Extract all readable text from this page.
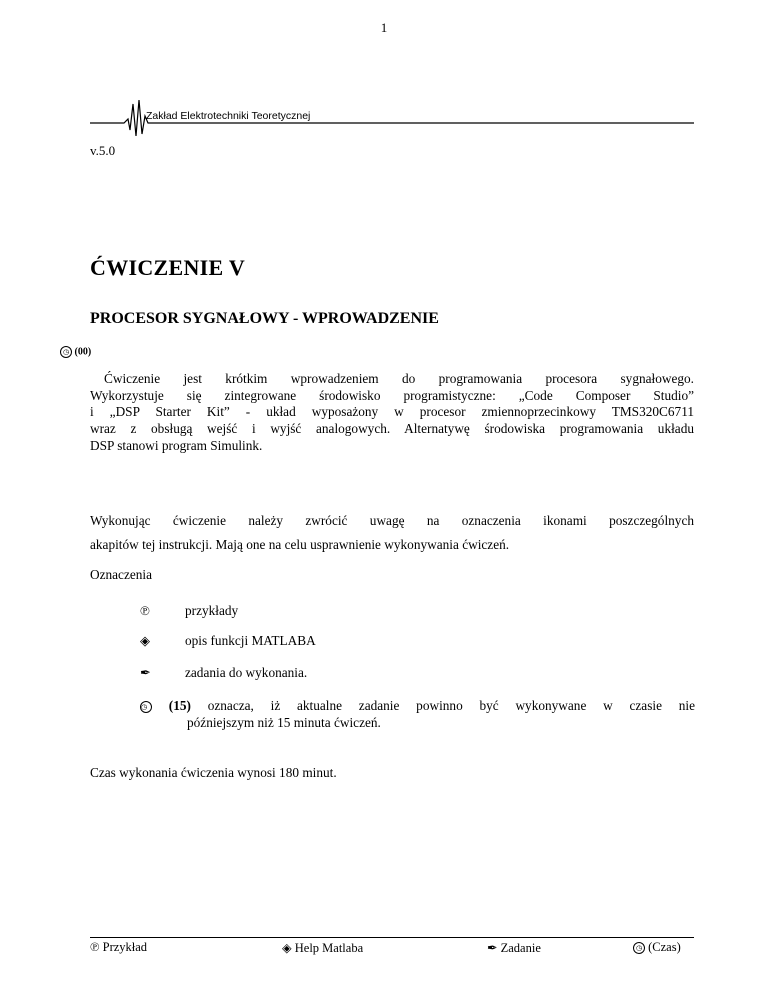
1
Zakład Elektrotechniki Teoretycznej
v.5.0
ĆWICZENIE V
PROCESOR SYGNAŁOWY - WPROWADZENIE
◷ (00)
Ćwiczenie jest krótkim wprowadzeniem do programowania procesora sygnałowego.
Wykorzystuje się zintegrowane środowisko programistyczne: „Code Composer Studio”
i „DSP Starter Kit” - układ wyposażony w procesor zmiennoprzecinkowy TMS320C6711
wraz z obsługą wejść i wyjść analogowych. Alternatywę środowiska programowania układu
DSP stanowi program Simulink.
Wykonując ćwiczenie należy zwrócić uwagę na oznaczenia ikonami poszczególnych
akapitów tej instrukcji. Mają one na celu usprawnienie wykonywania ćwiczeń.
Oznaczenia
℗	przykłady
◈	opis funkcji MATLABA
✒	zadania do wykonania.
◷ (15) oznacza, iż aktualne zadanie powinno być wykonywane w czasie nie
późniejszym niż 15 minuta ćwiczeń.
Czas wykonania ćwiczenia wynosi 180 minut.
℗ Przykład	◈ Help Matlaba	✒ Zadanie	◷ (Czas)
